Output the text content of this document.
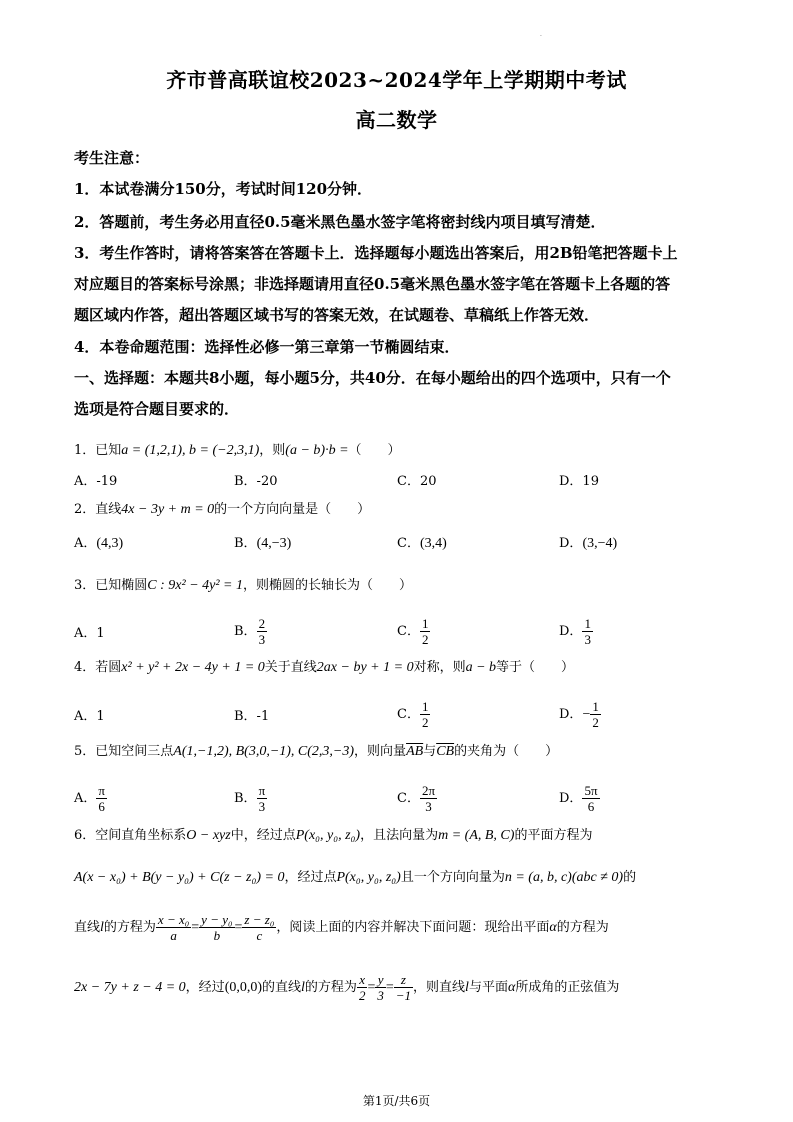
·
齐市普高联谊校2023~2024学年上学期期中考试
高二数学
考生注意：
1．本试卷满分150分，考试时间120分钟．
2．答题前，考生务必用直径0.5毫米黑色墨水签字笔将密封线内项目填写清楚．
3．考生作答时，请将答案答在答题卡上．选择题每小题选出答案后，用2B铅笔把答题卡上
对应题目的答案标号涂黑；非选择题请用直径0.5毫米黑色墨水签字笔在答题卡上各题的答
题区域内作答，超出答题区域书写的答案无效，在试题卷、草稿纸上作答无效．
4．本卷命题范围：选择性必修一第三章第一节椭圆结束．
一、选择题：本题共8小题，每小题5分，共40分．在每小题给出的四个选项中，只有一个
选项是符合题目要求的．
1．已知a = (1,2,1), b = (−2,3,1)，则(a − b)·b =（　　）
A．-19	B．-20	C．20	D．19
2．直线4x − 3y + m = 0的一个方向向量是（　　）
A．(4,3)	B．(4,−3)	C．(3,4)	D．(3,−4)
3．已知椭圆C : 9x² − 4y² = 1，则椭圆的长轴长为（　　）
A．1	B． $\frac{2}{3}$	C． $\frac{1}{2}$	D． $\frac{1}{3}$
4．若圆x² + y² + 2x − 4y + 1 = 0关于直线2ax − by + 1 = 0对称，则a − b等于（　　）
A．1	B．-1	C． $\frac{1}{2}$	D．− $\frac{1}{2}$
5．已知空间三点A(1,−1,2), B(3,0,−1), C(2,3,−3)，则向量$\overline{AB}$与$\overline{CB}$的夹角为（　　）
A． $\frac{\pi}{6}$	B． $\frac{\pi}{3}$	C． $\frac{2\pi}{3}$	D． $\frac{5\pi}{6}$
6．空间直角坐标系O − xyz中，经过点P(x₀, y₀, z₀)，且法向量为m = (A, B, C)的平面方程为
A(x − x₀) + B(y − y₀) + C(z − z₀) = 0，经过点P(x₀, y₀, z₀)且一个方向向量为n = (a, b, c)(abc ≠ 0)的
直线l的方程为 $\frac{\text{x − x₀}}{a} = \frac{\text{y − y₀}}{b} = \frac{\text{z − z₀}}{c}$ ，阅读上面的内容并解决下面问题：现给出平面α的方程为
2x − 7y + z − 4 = 0，经过(0,0,0)的直线l的方程为 $\frac{x}{2} = \frac{y}{3} = \frac{z}{-1}$ ，则直线l与平面α所成角的正弦值为
第1页/共6页
